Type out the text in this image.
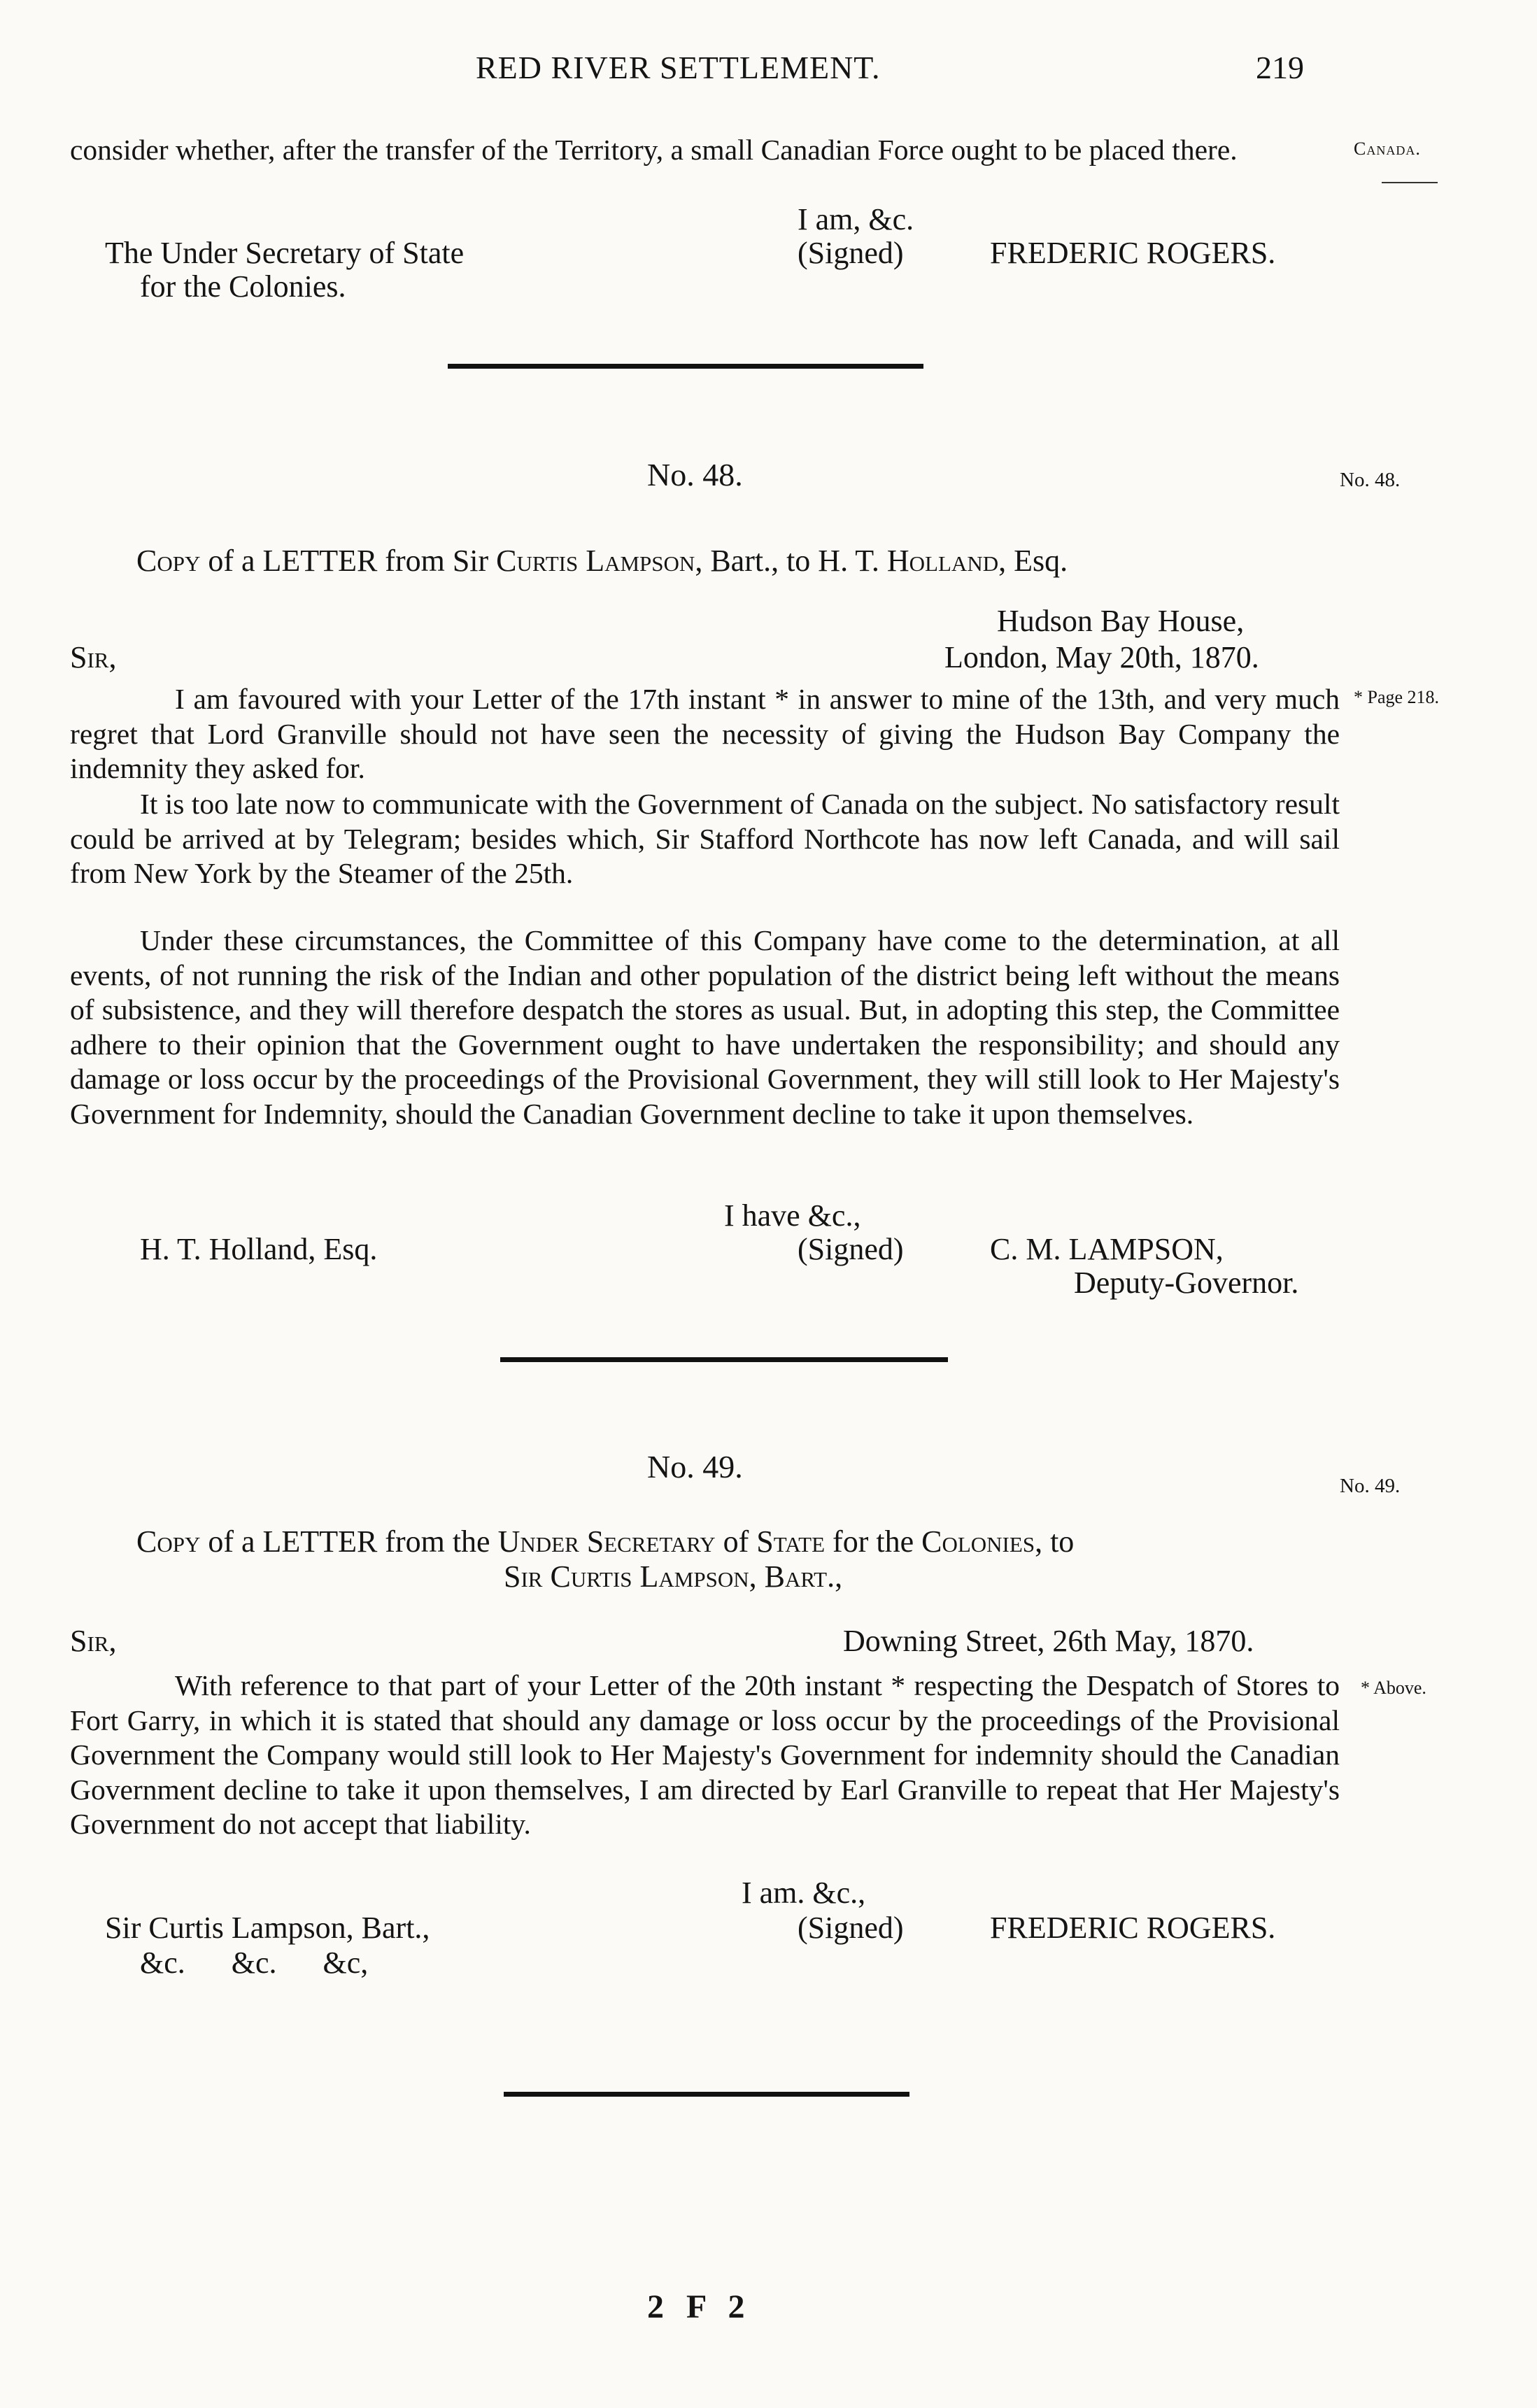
RED RIVER SETTLEMENT.	219

consider whether, after the transfer of the Territory, a small Canadian Force ought to be placed there.	Canada.
I am, &c.
The Under Secretary of State	(Signed)	FREDERIC ROGERS.
for the Colonies.
No. 48.	No. 48.
Copy of a LETTER from Sir Curtis Lampson, Bart., to H. T. Holland, Esq.
Hudson Bay House,
Sir,	London, May 20th, 1870.

I am favoured with your Letter of the 17th instant * in answer to mine of the 13th, and very much regret that Lord Granville should not have seen the necessity of giving the Hudson Bay Company the indemnity they asked for.

* Page 218.

It is too late now to communicate with the Government of Canada on the subject. No satisfactory result could be arrived at by Telegram; besides which, Sir Stafford Northcote has now left Canada, and will sail from New York by the Steamer of the 25th.

Under these circumstances, the Committee of this Company have come to the determination, at all events, of not running the risk of the Indian and other population of the district being left without the means of subsistence, and they will therefore despatch the stores as usual. But, in adopting this step, the Committee adhere to their opinion that the Government ought to have undertaken the responsibility; and should any damage or loss occur by the proceedings of the Provisional Government, they will still look to Her Majesty's Government for Indemnity, should the Canadian Government decline to take it upon themselves.

I have &c.,
H. T. Holland, Esq.	(Signed)	C. M. LAMPSON,
Deputy-Governor.
No. 49.
No. 49.
Copy of a LETTER from the Under Secretary of State for the Colonies, to
Sir Curtis Lampson, Bart.,
Sir,	Downing Street, 26th May, 1870.

With reference to that part of your Letter of the 20th instant * respecting the Despatch of Stores to Fort Garry, in which it is stated that should any damage or loss occur by the proceedings of the Provisional Government the Company would still look to Her Majesty's Government for indemnity should the Canadian Government decline to take it upon themselves, I am directed by Earl Granville to repeat that Her Majesty's Government do not accept that liability.

* Above.
I am. &c.,
Sir Curtis Lampson, Bart.,	(Signed)	FREDERIC ROGERS.
&c.      &c.      &c,
2 F 2
